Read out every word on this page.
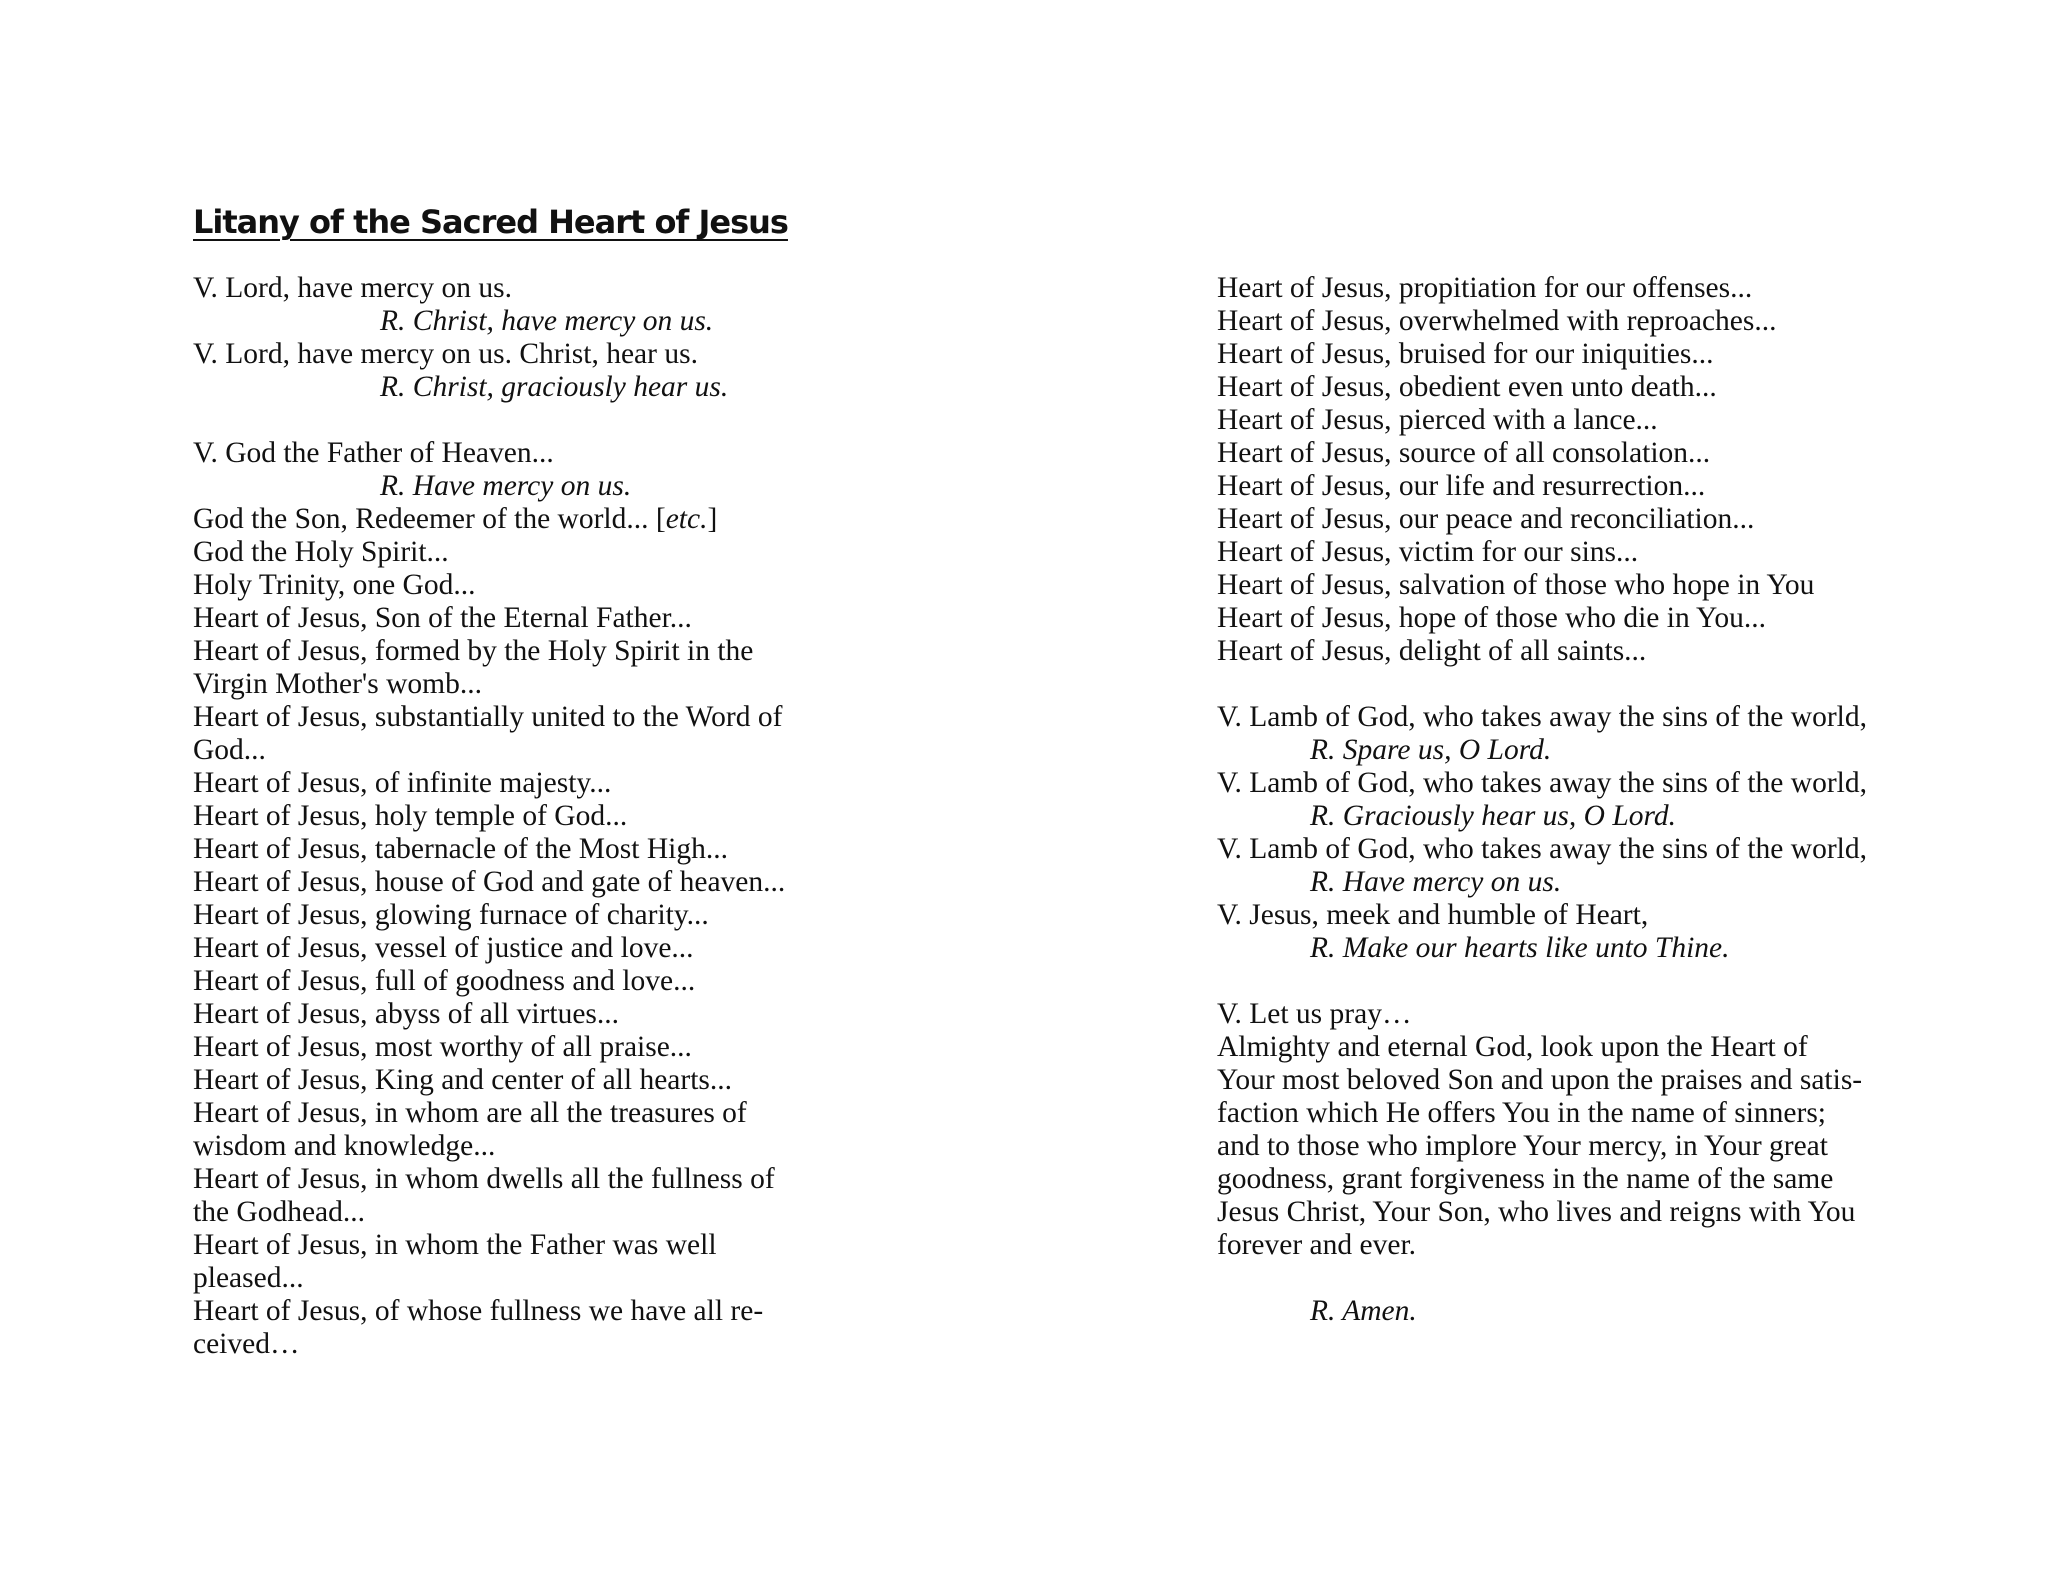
Litany of the Sacred Heart of Jesus
V. Lord, have mercy on us.
R. Christ, have mercy on us.
V. Lord, have mercy on us. Christ, hear us.
R. Christ, graciously hear us.
V. God the Father of Heaven...
R. Have mercy on us.
God the Son, Redeemer of the world... [etc.]
God the Holy Spirit...
Holy Trinity, one God...
Heart of Jesus, Son of the Eternal Father...
Heart of Jesus, formed by the Holy Spirit in the
Virgin Mother's womb...
Heart of Jesus, substantially united to the Word of
God...
Heart of Jesus, of infinite majesty...
Heart of Jesus, holy temple of God...
Heart of Jesus, tabernacle of the Most High...
Heart of Jesus, house of God and gate of heaven...
Heart of Jesus, glowing furnace of charity...
Heart of Jesus, vessel of justice and love...
Heart of Jesus, full of goodness and love...
Heart of Jesus, abyss of all virtues...
Heart of Jesus, most worthy of all praise...
Heart of Jesus, King and center of all hearts...
Heart of Jesus, in whom are all the treasures of
wisdom and knowledge...
Heart of Jesus, in whom dwells all the fullness of
the Godhead...
Heart of Jesus, in whom the Father was well
pleased...
Heart of Jesus, of whose fullness we have all re-
ceived…
Heart of Jesus, propitiation for our offenses...
Heart of Jesus, overwhelmed with reproaches...
Heart of Jesus, bruised for our iniquities...
Heart of Jesus, obedient even unto death...
Heart of Jesus, pierced with a lance...
Heart of Jesus, source of all consolation...
Heart of Jesus, our life and resurrection...
Heart of Jesus, our peace and reconciliation...
Heart of Jesus, victim for our sins...
Heart of Jesus, salvation of those who hope in You
Heart of Jesus, hope of those who die in You...
Heart of Jesus, delight of all saints...
V. Lamb of God, who takes away the sins of the world,
R. Spare us, O Lord.
V. Lamb of God, who takes away the sins of the world,
R. Graciously hear us, O Lord.
V. Lamb of God, who takes away the sins of the world,
R. Have mercy on us.
V. Jesus, meek and humble of Heart,
R. Make our hearts like unto Thine.
V. Let us pray…
Almighty and eternal God, look upon the Heart of
Your most beloved Son and upon the praises and satis-
faction which He offers You in the name of sinners;
and to those who implore Your mercy, in Your great
goodness, grant forgiveness in the name of the same
Jesus Christ, Your Son, who lives and reigns with You
forever and ever.
R. Amen.
